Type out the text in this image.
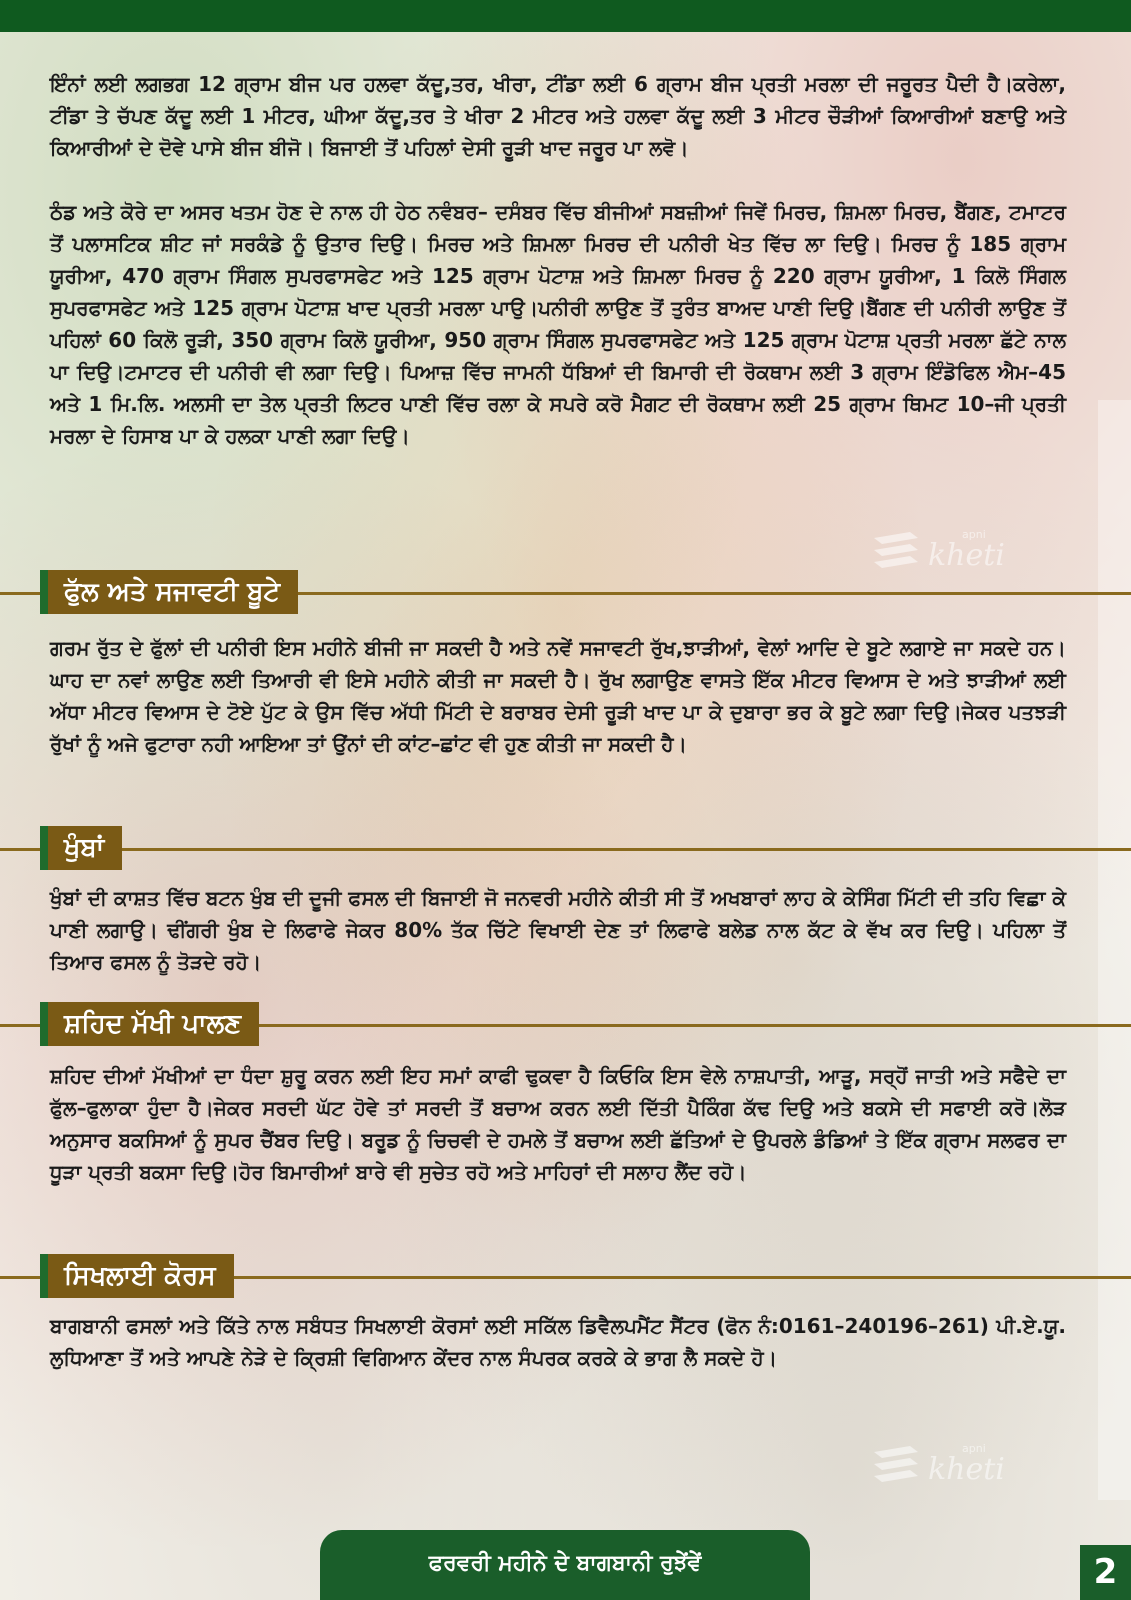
ਇੰਨਾਂ ਲਈ ਲਗਭਗ 12 ਗ੍ਰਾਮ ਬੀਜ ਪਰ ਹਲਵਾ ਕੱਦੂ,ਤਰ, ਖੀਰਾ, ਟੀਂਡਾ ਲਈ 6 ਗ੍ਰਾਮ ਬੀਜ ਪ੍ਰਤੀ ਮਰਲਾ ਦੀ ਜਰੂਰਤ ਪੈਦੀ ਹੈ।ਕਰੇਲਾ, ਟੀਂਡਾ ਤੇ ਚੱਪਣ ਕੱਦੂ ਲਈ 1 ਮੀਟਰ, ਘੀਆ ਕੱਦੂ,ਤਰ ਤੇ ਖੀਰਾ 2 ਮੀਟਰ ਅਤੇ ਹਲਵਾ ਕੱਦੂ ਲਈ 3 ਮੀਟਰ ਚੌੜੀਆਂ ਕਿਆਰੀਆਂ ਬਣਾਉ ਅਤੇ ਕਿਆਰੀਆਂ ਦੇ ਦੋਵੇ ਪਾਸੇ ਬੀਜ ਬੀਜੋ। ਬਿਜਾਈ ਤੋਂ ਪਹਿਲਾਂ ਦੇਸੀ ਰੂੜੀ ਖਾਦ ਜਰੂਰ ਪਾ ਲਵੋ।

ਠੰਡ ਅਤੇ ਕੋਰੇ ਦਾ ਅਸਰ ਖਤਮ ਹੋਣ ਦੇ ਨਾਲ ਹੀ ਹੇਠ ਨਵੰਬਰ– ਦਸੰਬਰ ਵਿੱਚ ਬੀਜੀਆਂ ਸਬਜ਼ੀਆਂ ਜਿਵੇਂ ਮਿਰਚ, ਸ਼ਿਮਲਾ ਮਿਰਚ, ਬੈਂਗਣ, ਟਮਾਟਰ ਤੋਂ ਪਲਾਸਟਿਕ ਸ਼ੀਟ ਜਾਂ ਸਰਕੰਡੇ ਨੂੰ ਉਤਾਰ ਦਿਉ। ਮਿਰਚ ਅਤੇ ਸ਼ਿਮਲਾ ਮਿਰਚ ਦੀ ਪਨੀਰੀ ਖੇਤ ਵਿੱਚ ਲਾ ਦਿਉ। ਮਿਰਚ ਨੂੰ 185 ਗ੍ਰਾਮ ਯੂਰੀਆ, 470 ਗ੍ਰਾਮ ਸਿੰਗਲ ਸੁਪਰਫਾਸਫੇਟ ਅਤੇ 125 ਗ੍ਰਾਮ ਪੋਟਾਸ਼ ਅਤੇ ਸ਼ਿਮਲਾ ਮਿਰਚ ਨੂੰ 220 ਗ੍ਰਾਮ ਯੂਰੀਆ, 1 ਕਿਲੋ ਸਿੰਗਲ ਸੁਪਰਫਾਸਫੇਟ ਅਤੇ 125 ਗ੍ਰਾਮ ਪੋਟਾਸ਼ ਖਾਦ ਪ੍ਰਤੀ ਮਰਲਾ ਪਾਉ।ਪਨੀਰੀ ਲਾਉਣ ਤੋਂ ਤੁਰੰਤ ਬਾਅਦ ਪਾਣੀ ਦਿਉ।ਬੈਂਗਣ ਦੀ ਪਨੀਰੀ ਲਾਉਣ ਤੋਂ ਪਹਿਲਾਂ 60 ਕਿਲੋ ਰੂੜੀ, 350 ਗ੍ਰਾਮ ਕਿਲੋ ਯੂਰੀਆ, 950 ਗ੍ਰਾਮ ਸਿੰਗਲ ਸੁਪਰਫਾਸਫੇਟ ਅਤੇ 125 ਗ੍ਰਾਮ ਪੋਟਾਸ਼ ਪ੍ਰਤੀ ਮਰਲਾ ਛੱਟੇ ਨਾਲ ਪਾ ਦਿਉ।ਟਮਾਟਰ ਦੀ ਪਨੀਰੀ ਵੀ ਲਗਾ ਦਿਉ। ਪਿਆਜ਼ ਵਿੱਚ ਜਾਮਨੀ ਧੱਬਿਆਂ ਦੀ ਬਿਮਾਰੀ ਦੀ ਰੋਕਥਾਮ ਲਈ 3 ਗ੍ਰਾਮ ਇੰਡੋਫਿਲ ਐਮ–45 ਅਤੇ 1 ਮਿ.ਲਿ. ਅਲਸੀ ਦਾ ਤੇਲ ਪ੍ਰਤੀ ਲਿਟਰ ਪਾਣੀ ਵਿੱਚ ਰਲਾ ਕੇ ਸਪਰੇ ਕਰੋ ਮੈਗਟ ਦੀ ਰੋਕਥਾਮ ਲਈ 25 ਗ੍ਰਾਮ ਥਿਮਟ 10–ਜੀ ਪ੍ਰਤੀ ਮਰਲਾ ਦੇ ਹਿਸਾਬ ਪਾ ਕੇ ਹਲਕਾ ਪਾਣੀ ਲਗਾ ਦਿਉ।

apni
kheti
ਫੁੱਲ ਅਤੇ ਸਜਾਵਟੀ ਬੂਟੇ

ਗਰਮ ਰੁੱਤ ਦੇ ਫੁੱਲਾਂ ਦੀ ਪਨੀਰੀ ਇਸ ਮਹੀਨੇ ਬੀਜੀ ਜਾ ਸਕਦੀ ਹੈ ਅਤੇ ਨਵੇਂ ਸਜਾਵਟੀ ਰੁੱਖ,ਝਾੜੀਆਂ, ਵੇਲਾਂ ਆਦਿ ਦੇ ਬੂਟੇ ਲਗਾਏ ਜਾ ਸਕਦੇ ਹਨ।ਘਾਹ ਦਾ ਨਵਾਂ ਲਾਉਣ ਲਈ ਤਿਆਰੀ ਵੀ ਇਸੇ ਮਹੀਨੇ ਕੀਤੀ ਜਾ ਸਕਦੀ ਹੈ। ਰੁੱਖ ਲਗਾਉਣ ਵਾਸਤੇ ਇੱਕ ਮੀਟਰ ਵਿਆਸ ਦੇ ਅਤੇ ਝਾੜੀਆਂ ਲਈ ਅੱਧਾ ਮੀਟਰ ਵਿਆਸ ਦੇ ਟੋਏ ਪੁੱਟ ਕੇ ਉਸ ਵਿੱਚ ਅੱਧੀ ਮਿੱਟੀ ਦੇ ਬਰਾਬਰ ਦੇਸੀ ਰੂੜੀ ਖਾਦ ਪਾ ਕੇ ਦੁਬਾਰਾ ਭਰ ਕੇ ਬੂਟੇ ਲਗਾ ਦਿਉ।ਜੇਕਰ ਪਤਝੜੀ ਰੁੱਖਾਂ ਨੂੰ ਅਜੇ ਫੁਟਾਰਾ ਨਹੀ ਆਇਆ ਤਾਂ ਉਂਨਾਂ ਦੀ ਕਾਂਟ–ਛਾਂਟ ਵੀ ਹੁਣ ਕੀਤੀ ਜਾ ਸਕਦੀ ਹੈ।

ਖੁੰਬਾਂ

ਖੁੰਬਾਂ ਦੀ ਕਾਸ਼ਤ ਵਿੱਚ ਬਟਨ ਖੁੰਬ ਦੀ ਦੂਜੀ ਫਸਲ ਦੀ ਬਿਜਾਈ ਜੋ ਜਨਵਰੀ ਮਹੀਨੇ ਕੀਤੀ ਸੀ ਤੋਂ ਅਖਬਾਰਾਂ ਲਾਹ ਕੇ ਕੇਸਿੰਗ ਮਿੱਟੀ ਦੀ ਤਹਿ ਵਿਛਾ ਕੇ ਪਾਣੀ ਲਗਾਉ। ਢੀਂਗਰੀ ਖੁੰਬ ਦੇ ਲਿਫਾਫੇ ਜੇਕਰ 80% ਤੱਕ ਚਿੱਟੇ ਵਿਖਾਈ ਦੇਣ ਤਾਂ ਲਿਫਾਫੇ ਬਲੇਡ ਨਾਲ ਕੱਟ ਕੇ ਵੱਖ ਕਰ ਦਿਉ। ਪਹਿਲਾ ਤੋਂ ਤਿਆਰ ਫਸਲ ਨੂੰ ਤੋੜਦੇ ਰਹੋ।

ਸ਼ਹਿਦ ਮੱਖੀ ਪਾਲਣ

ਸ਼ਹਿਦ ਦੀਆਂ ਮੱਖੀਆਂ ਦਾ ਧੰਦਾ ਸ਼ੁਰੂ ਕਰਨ ਲਈ ਇਹ ਸਮਾਂ ਕਾਫੀ ਢੁਕਵਾ ਹੈ ਕਿਓਕਿ ਇਸ ਵੇਲੇ ਨਾਸ਼ਪਾਤੀ, ਆੜੂ, ਸਰ੍ਹੋਂ ਜਾਤੀ ਅਤੇ ਸਫੈਦੇ ਦਾ ਫੁੱਲ–ਫੁਲਾਕਾ ਹੁੰਦਾ ਹੈ।ਜੇਕਰ ਸਰਦੀ ਘੱਟ ਹੋਵੇ ਤਾਂ ਸਰਦੀ ਤੋਂ ਬਚਾਅ ਕਰਨ ਲਈ ਦਿੱਤੀ ਪੈਕਿੰਗ ਕੱਢ ਦਿਉ ਅਤੇ ਬਕਸੇ ਦੀ ਸਫਾਈ ਕਰੋ।ਲੋੜ ਅਨੁਸਾਰ ਬਕਸਿਆਂ ਨੂੰ ਸੁਪਰ ਚੈਂਬਰ ਦਿਉ। ਬਰੂਡ ਨੂੰ ਚਿਚਵੀ ਦੇ ਹਮਲੇ ਤੋਂ ਬਚਾਅ ਲਈ ਛੱਤਿਆਂ ਦੇ ਉਪਰਲੇ ਡੰਡਿਆਂ ਤੇ ਇੱਕ ਗ੍ਰਾਮ ਸਲਫਰ ਦਾ ਧੂੜਾ ਪ੍ਰਤੀ ਬਕਸਾ ਦਿਉ।ਹੋਰ ਬਿਮਾਰੀਆਂ ਬਾਰੇ ਵੀ ਸੁਚੇਤ ਰਹੋ ਅਤੇ ਮਾਹਿਰਾਂ ਦੀ ਸਲਾਹ ਲੈਂਦ ਰਹੋ।

ਸਿਖਲਾਈ ਕੋਰਸ

ਬਾਗਬਾਨੀ ਫਸਲਾਂ ਅਤੇ ਕਿੱਤੇ ਨਾਲ ਸਬੰਧਤ ਸਿਖਲਾਈ ਕੋਰਸਾਂ ਲਈ ਸਕਿੱਲ ਡਿਵੈਲਪਮੈਂਟ ਸੈਂਟਰ (ਫੋਨ ਨੰ:0161–240196–261) ਪੀ.ਏ.ਯੂ. ਲੁਧਿਆਣਾ ਤੋਂ ਅਤੇ ਆਪਣੇ ਨੇੜੇ ਦੇ ਕ੍ਰਿਸ਼ੀ ਵਿਗਿਆਨ ਕੇਂਦਰ ਨਾਲ ਸੰਪਰਕ ਕਰਕੇ ਕੇ ਭਾਗ ਲੈ ਸਕਦੇ ਹੋ।

apni
kheti
ਫਰਵਰੀ ਮਹੀਨੇ ਦੇ ਬਾਗਬਾਨੀ ਰੁਝੇਂਵੇਂ	2
